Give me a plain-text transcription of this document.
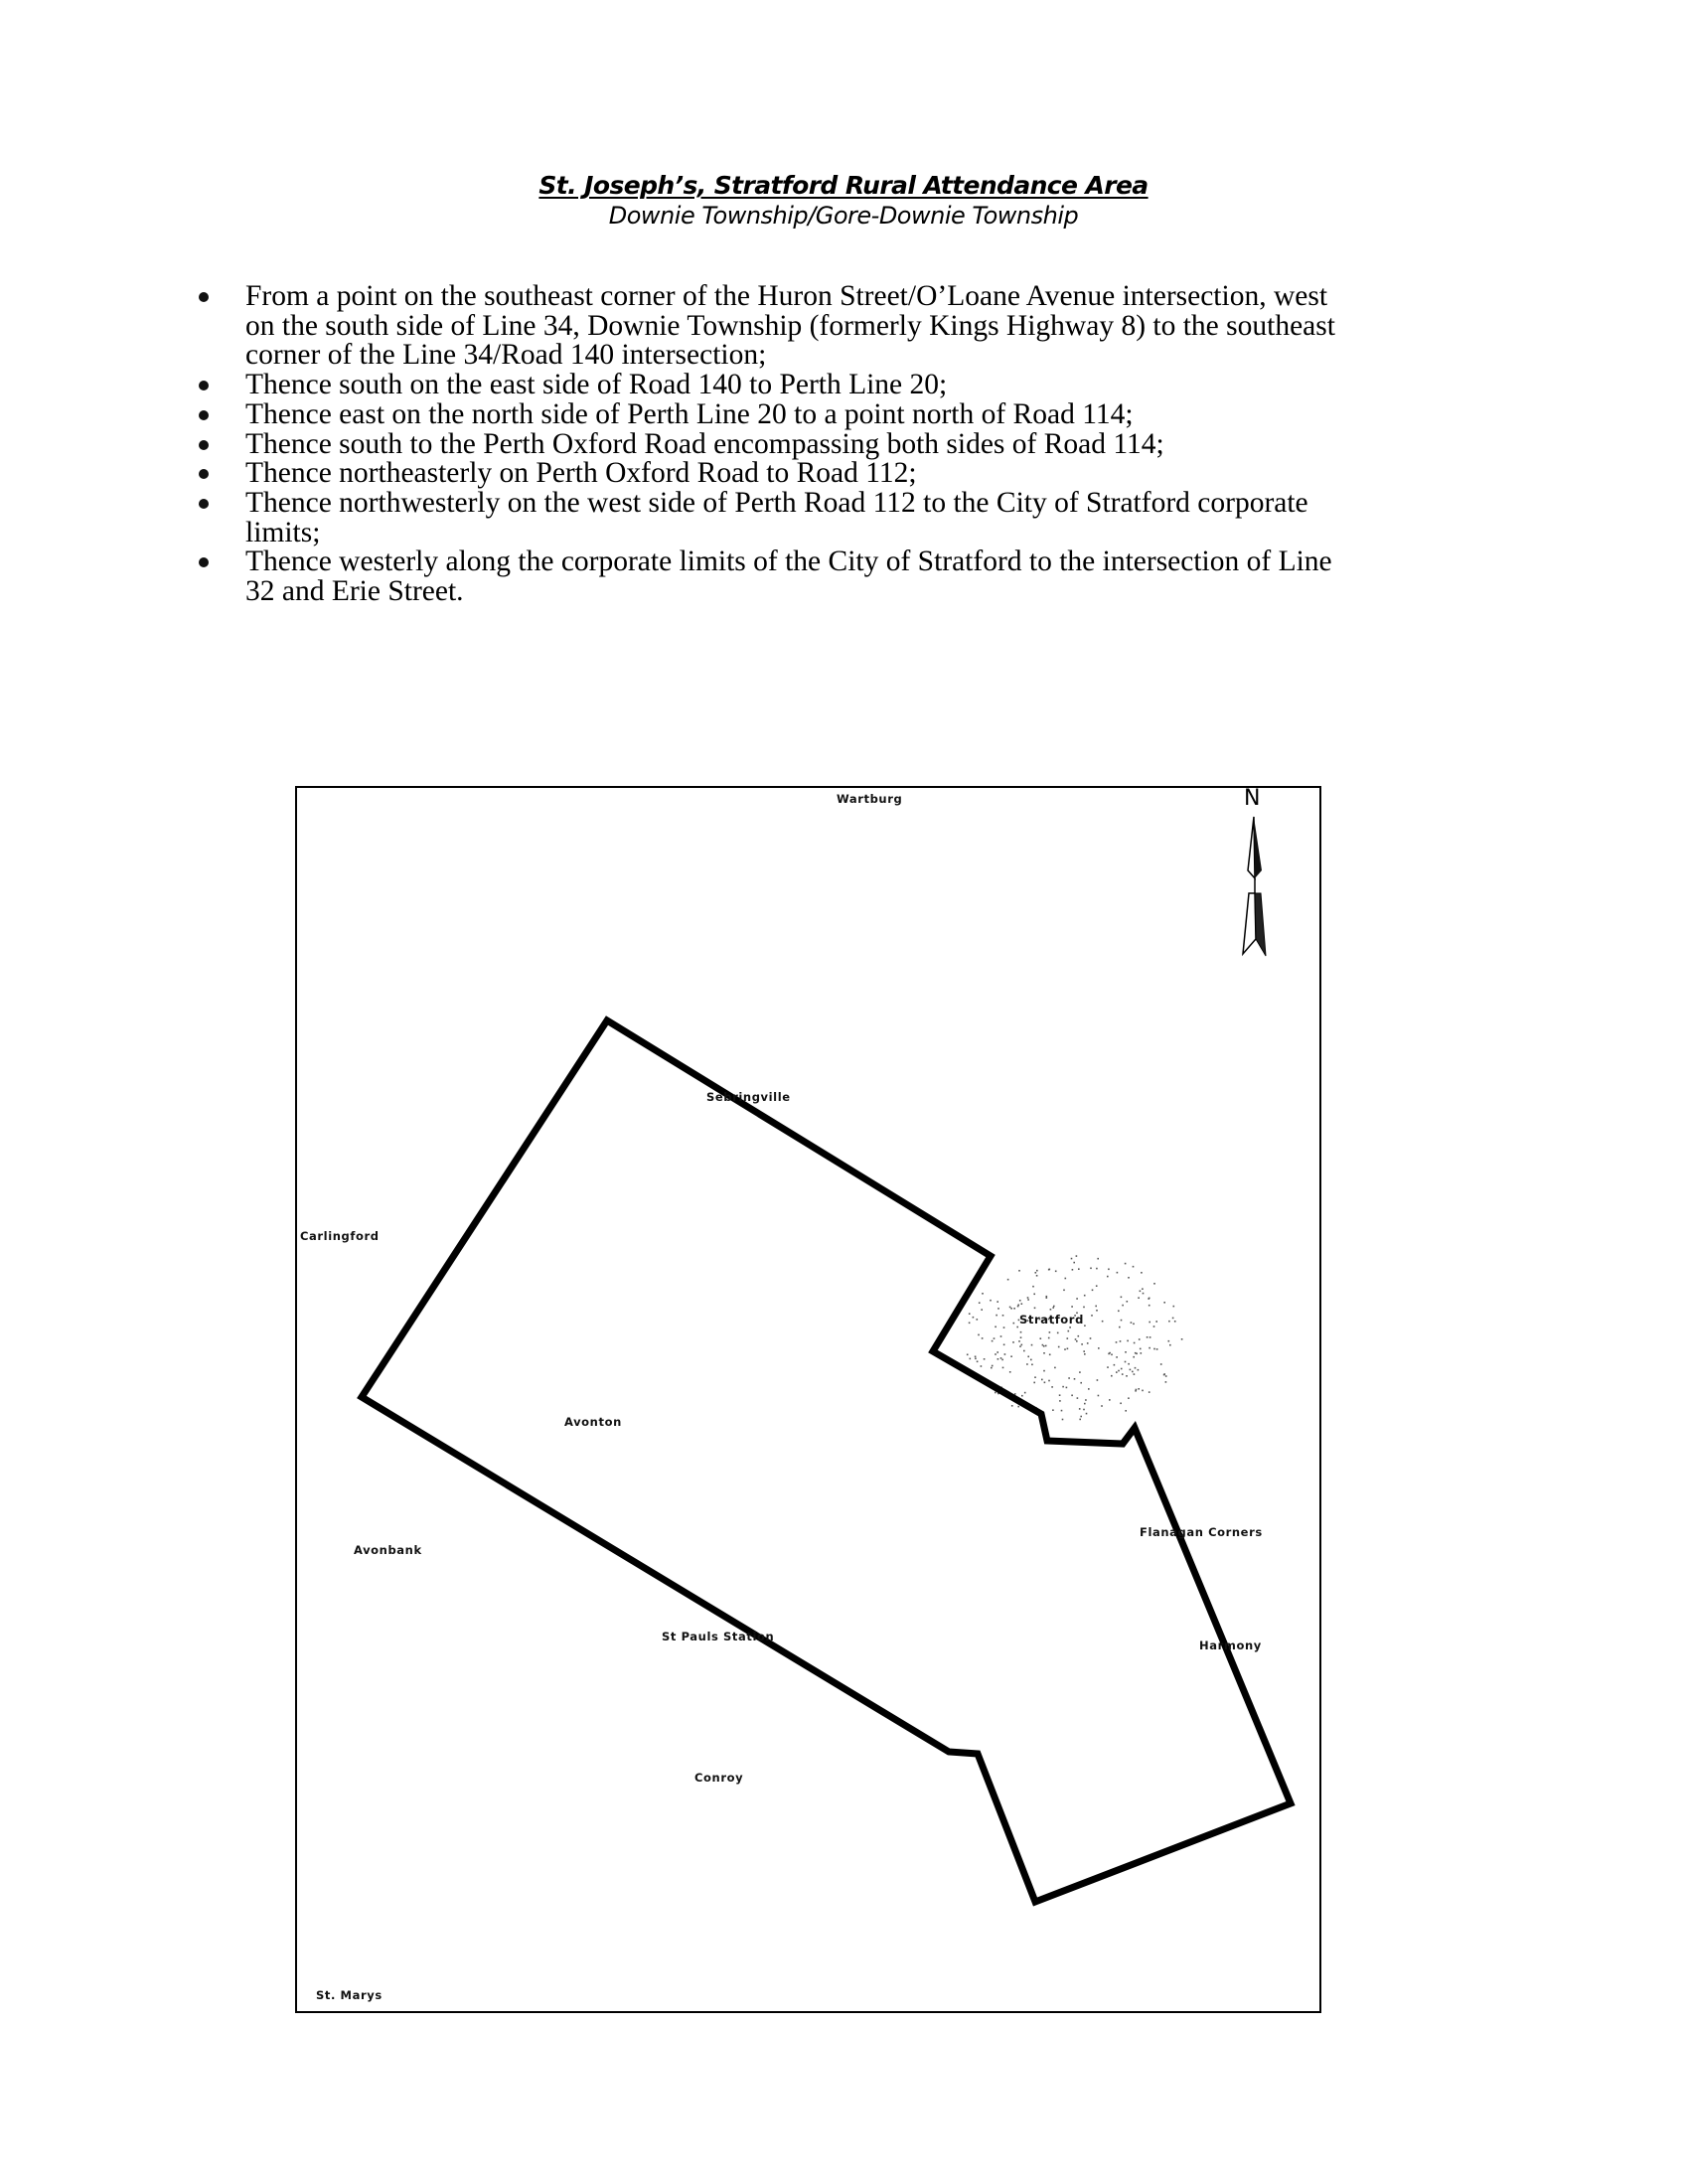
St. Joseph’s, Stratford Rural Attendance Area

Downie Township/Gore-Downie Township

From a point on the southeast corner of the Huron Street/O’Loane Avenue intersection, west
on the south side of Line 34, Downie Township (formerly Kings Highway 8) to the southeast
corner of the Line 34/Road 140 intersection;
Thence south on the east side of Road 140 to Perth Line 20;
Thence east on the north side of Perth Line 20 to a point north of Road 114;
Thence south to the Perth Oxford Road encompassing both sides of Road 114;
Thence northeasterly on Perth Oxford Road to Road 112;
Thence northwesterly on the west side of Perth Road 112 to the City of Stratford corporate
limits;
Thence westerly along the corporate limits of the City of Stratford to the intersection of Line
32 and Erie Street.
N
Wartburg
Sebringville
Carlingford
Stratford
Avonton
Flanagan Corners
Avonbank
St Pauls Station
Harmony
Conroy
St. Marys
